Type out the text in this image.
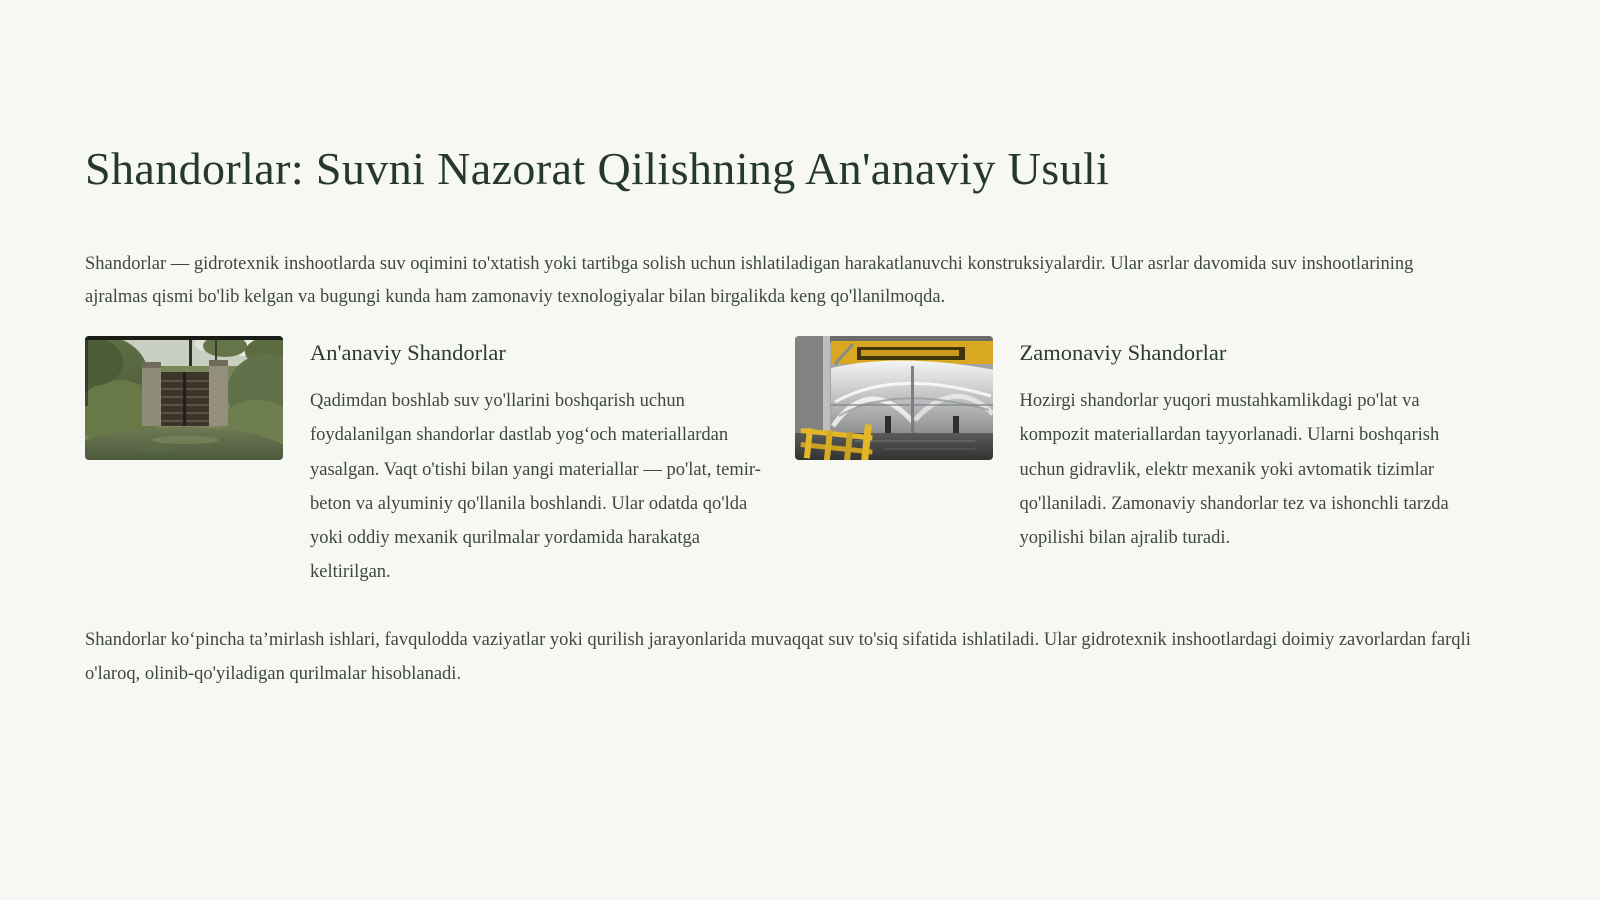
Shandorlar: Suvni Nazorat Qilishning An'anaviy Usuli

Shandorlar — gidrotexnik inshootlarda suv oqimini to'xtatish yoki tartibga solish uchun ishlatiladigan harakatlanuvchi konstruksiyalardir. Ular asrlar davomida suv inshootlarining ajralmas qismi bo'lib kelgan va bugungi kunda ham zamonaviy texnologiyalar bilan birgalikda keng qo'llanilmoqda.

An'anaviy Shandorlar

Qadimdan boshlab suv yo'llarini boshqarish uchun foydalanilgan shandorlar dastlab yogʻoch materiallardan yasalgan. Vaqt o'tishi bilan yangi materiallar — po'lat, temir-beton va alyuminiy qo'llanila boshlandi. Ular odatda qo'lda yoki oddiy mexanik qurilmalar yordamida harakatga keltirilgan.

Zamonaviy Shandorlar

Hozirgi shandorlar yuqori mustahkamlikdagi po'lat va kompozit materiallardan tayyorlanadi. Ularni boshqarish uchun gidravlik, elektr mexanik yoki avtomatik tizimlar qo'llaniladi. Zamonaviy shandorlar tez va ishonchli tarzda yopilishi bilan ajralib turadi.

Shandorlar koʻpincha taʼmirlash ishlari, favqulodda vaziyatlar yoki qurilish jarayonlarida muvaqqat suv to'siq sifatida ishlatiladi. Ular gidrotexnik inshootlardagi doimiy zavorlardan farqli o'laroq, olinib-qo'yiladigan qurilmalar hisoblanadi.
